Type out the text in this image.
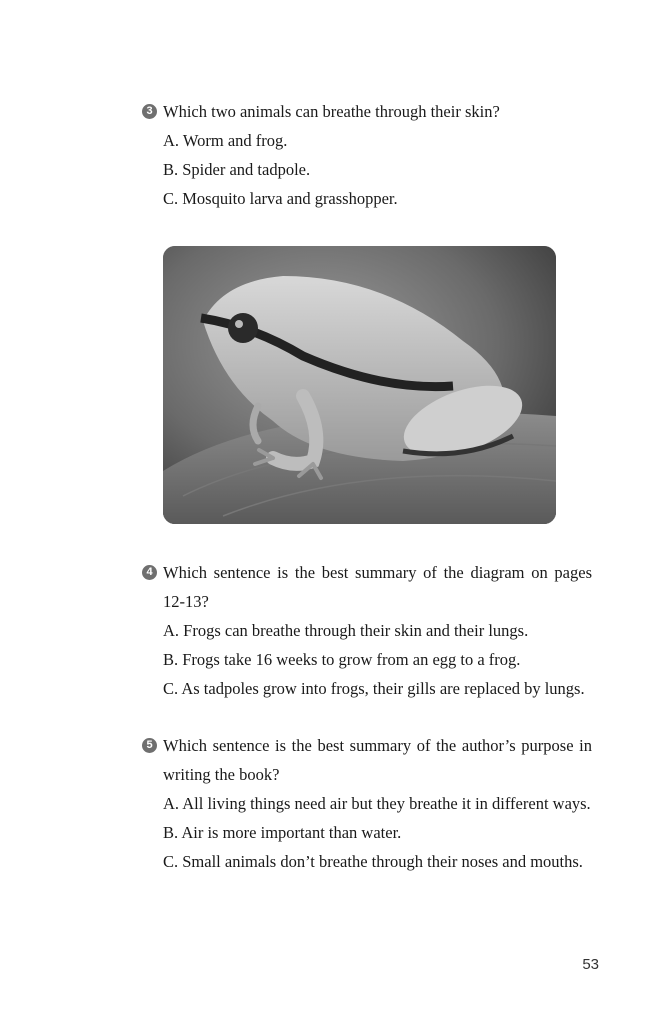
3 Which two animals can breathe through their skin?
A. Worm and frog.
B. Spider and tadpole.
C. Mosquito larva and grasshopper.
4 Which sentence is the best summary of the diagram on pages 12-13?
A. Frogs can breathe through their skin and their lungs.
B. Frogs take 16 weeks to grow from an egg to a frog.
C. As tadpoles grow into frogs, their gills are replaced by lungs.
5 Which sentence is the best summary of the author’s purpose in writing the book?
A. All living things need air but they breathe it in different ways.
B. Air is more important than water.
C. Small animals don’t breathe through their noses and mouths.
53
